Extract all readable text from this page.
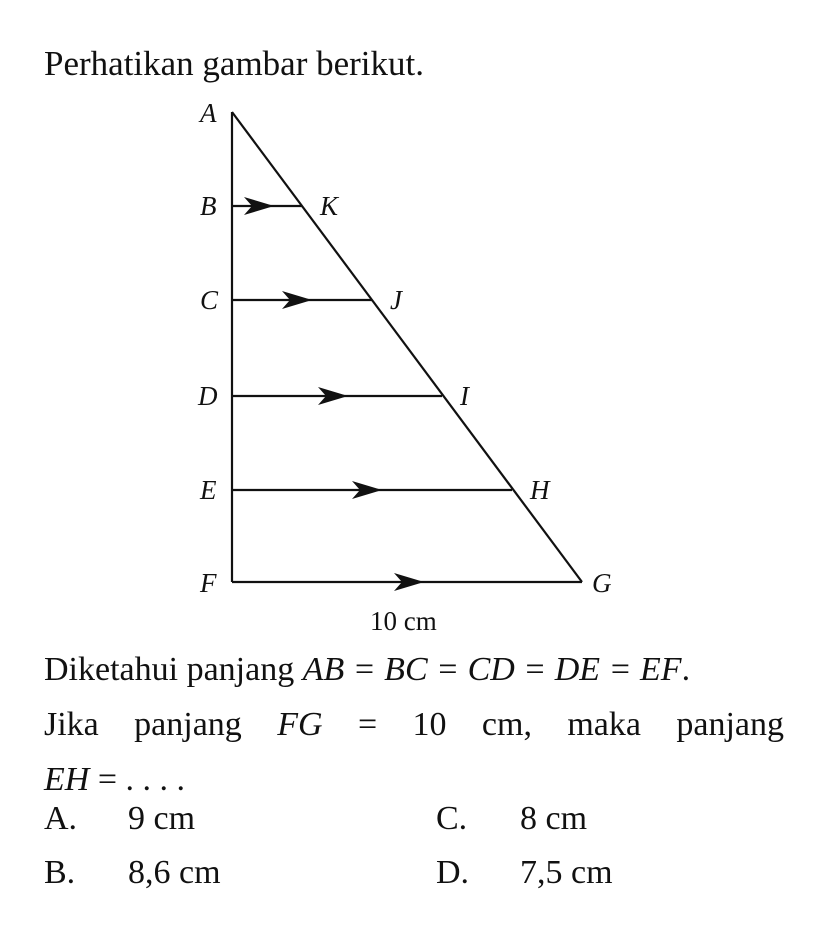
Perhatikan gambar berikut.

A
B
C
D
E
F	G
H
I
J
K
10 cm

Diketahui panjang AB = BC = CD = DE = EF.

Jika panjang FG = 10 cm, maka panjang

EH = . . . .

A. 9 cm
B. 8,6 cm
C. 8 cm
D. 7,5 cm
